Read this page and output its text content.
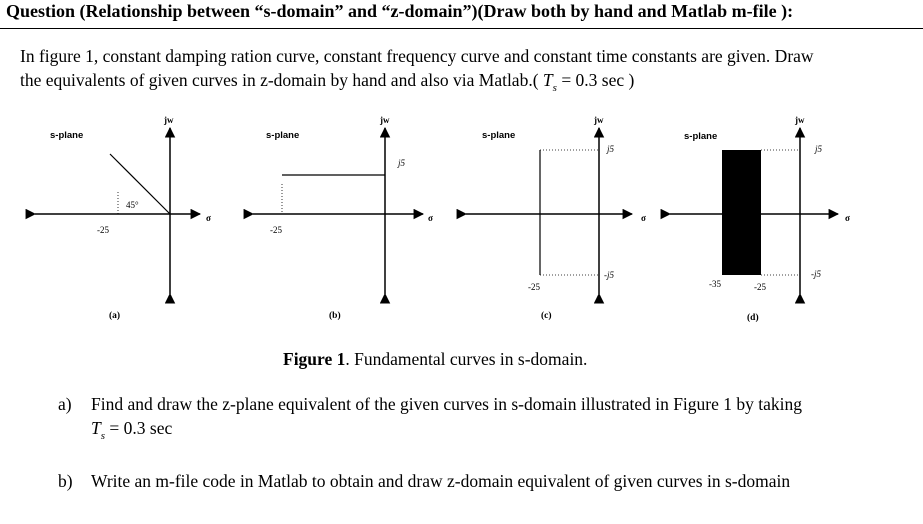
Question (Relationship between “s-domain” and “z-domain”)(Draw both by hand and Matlab m-file ):
In figure 1, constant damping ration curve, constant frequency curve and constant time constants are given. Draw
the equivalents of given curves in z-domain by hand and also via Matlab.( $T_s = 0.3$ sec )
s-plane
jw
σ
45°
-25
(a)
s-plane
jw
σ
j5
-25
(b)
s-plane
jw
σ
j5
-j5
-25
(c)
s-plane
jw
σ
j5
-j5
-35	-25
(d)
Figure 1. Fundamental curves in s-domain.
a) Find and draw the z-plane equivalent of the given curves in s-domain illustrated in Figure 1 by taking
$T_s = 0.3$ sec
b) Write an m-file code in Matlab to obtain and draw z-domain equivalent of given curves in s-domain
